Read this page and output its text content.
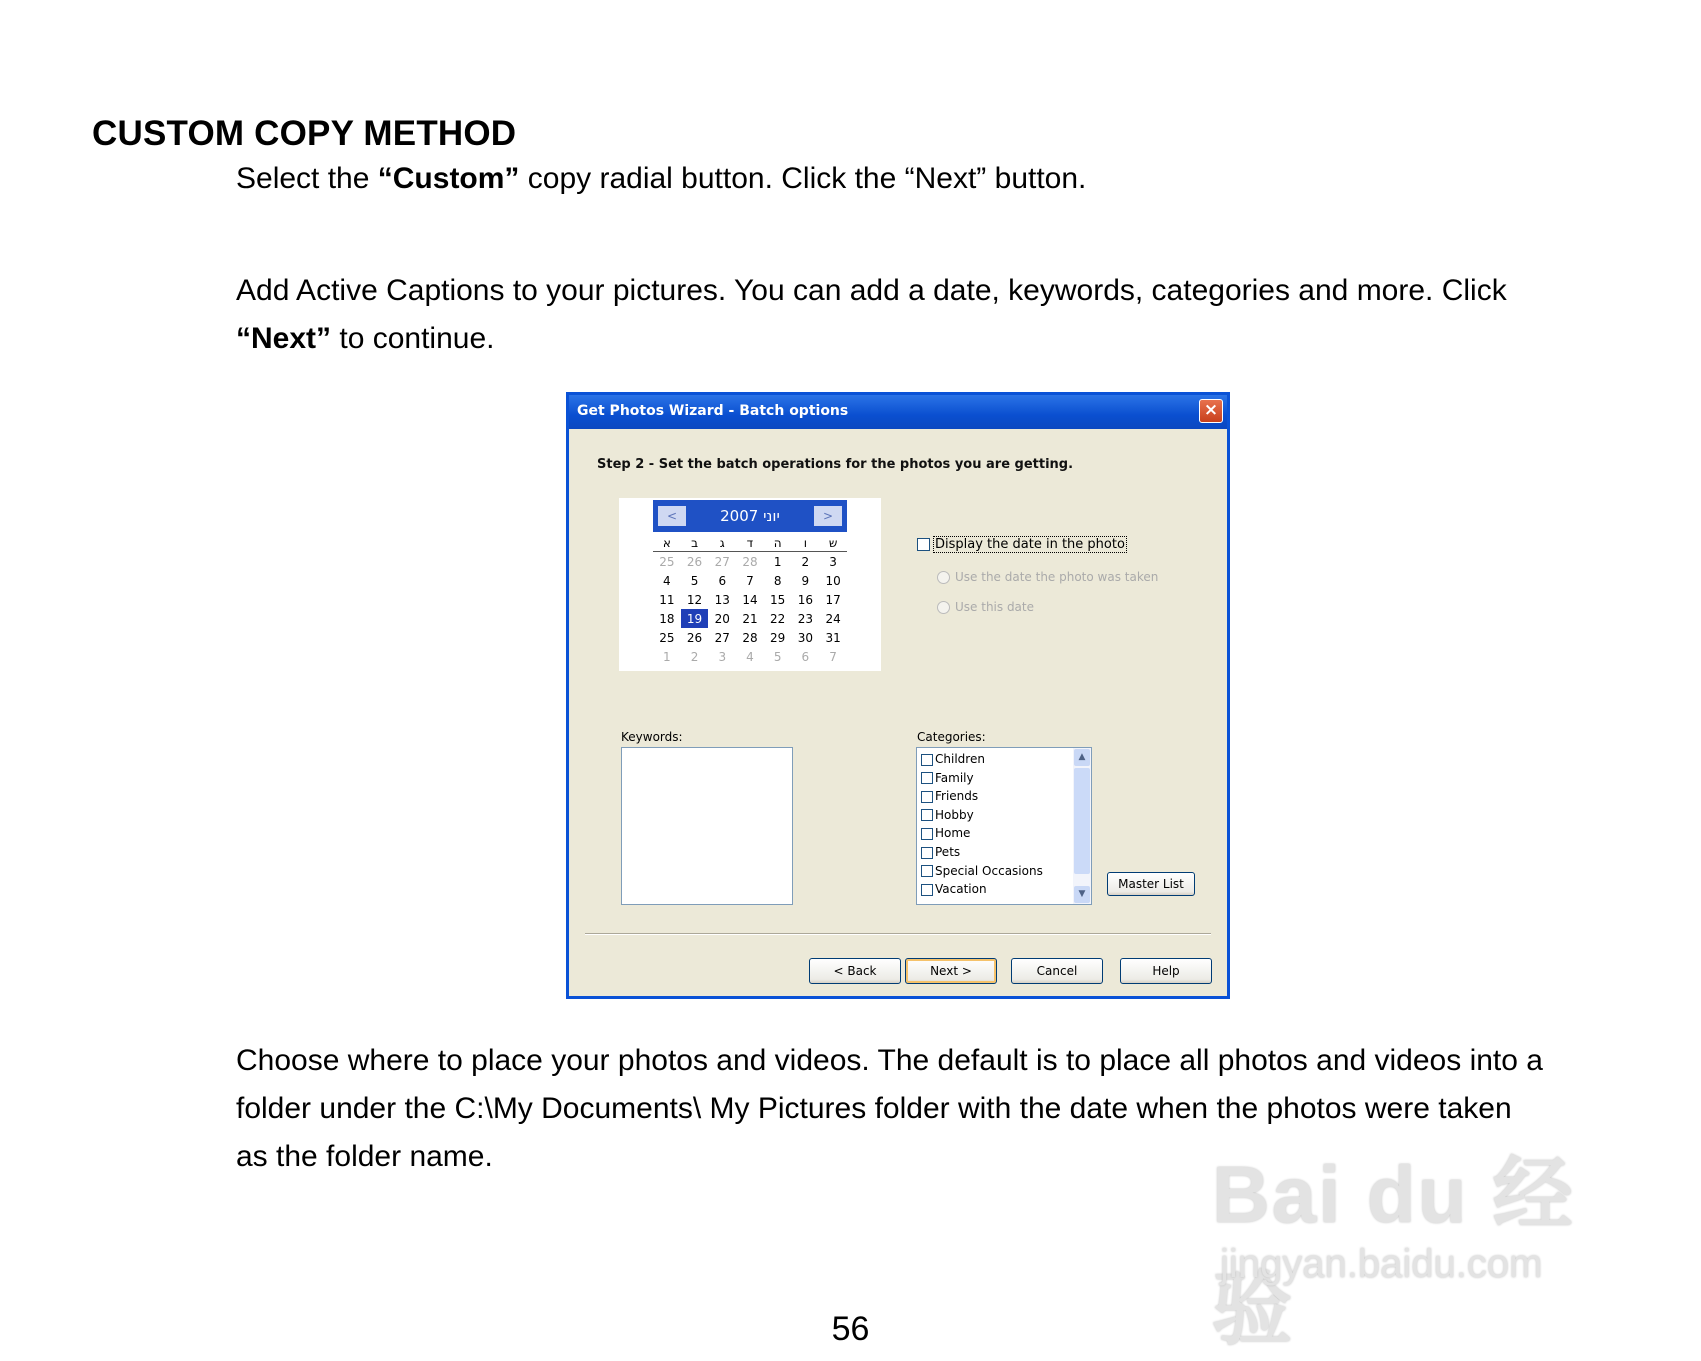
CUSTOM COPY METHOD

Select the “Custom” copy radial button. Click the “Next” button.

Add Active Captions to your pictures. You can add a date, keywords, categories and more. Click
“Next” to continue.

Get Photos Wizard - Batch options	×
Step 2 - Set the batch operations for the photos you are getting.
<	2007 יוני	>
א	ב	ג	ד	ה	ו	ש
25	26	27	28	1	2	3
4	5	6	7	8	9	10
11	12	13	14	15	16	17
18	19	20	21	22	23	24
25	26	27	28	29	30	31
1	2	3	4	5	6	7
Display the date in the photo
Use the date the photo was taken
Use this date
Keywords:	Categories:
Children
Family
Friends
Hobby
Home
Pets
Special Occasions
Vacation
▲
▼
Master List
< Back	Next >	Cancel	Help

Choose where to place your photos and videos. The default is to place all photos and videos into a
folder under the C:\My Documents\ My Pictures folder with the date when the photos were taken
as the folder name.	Bai du 经验
jingyan.baidu.com
56
